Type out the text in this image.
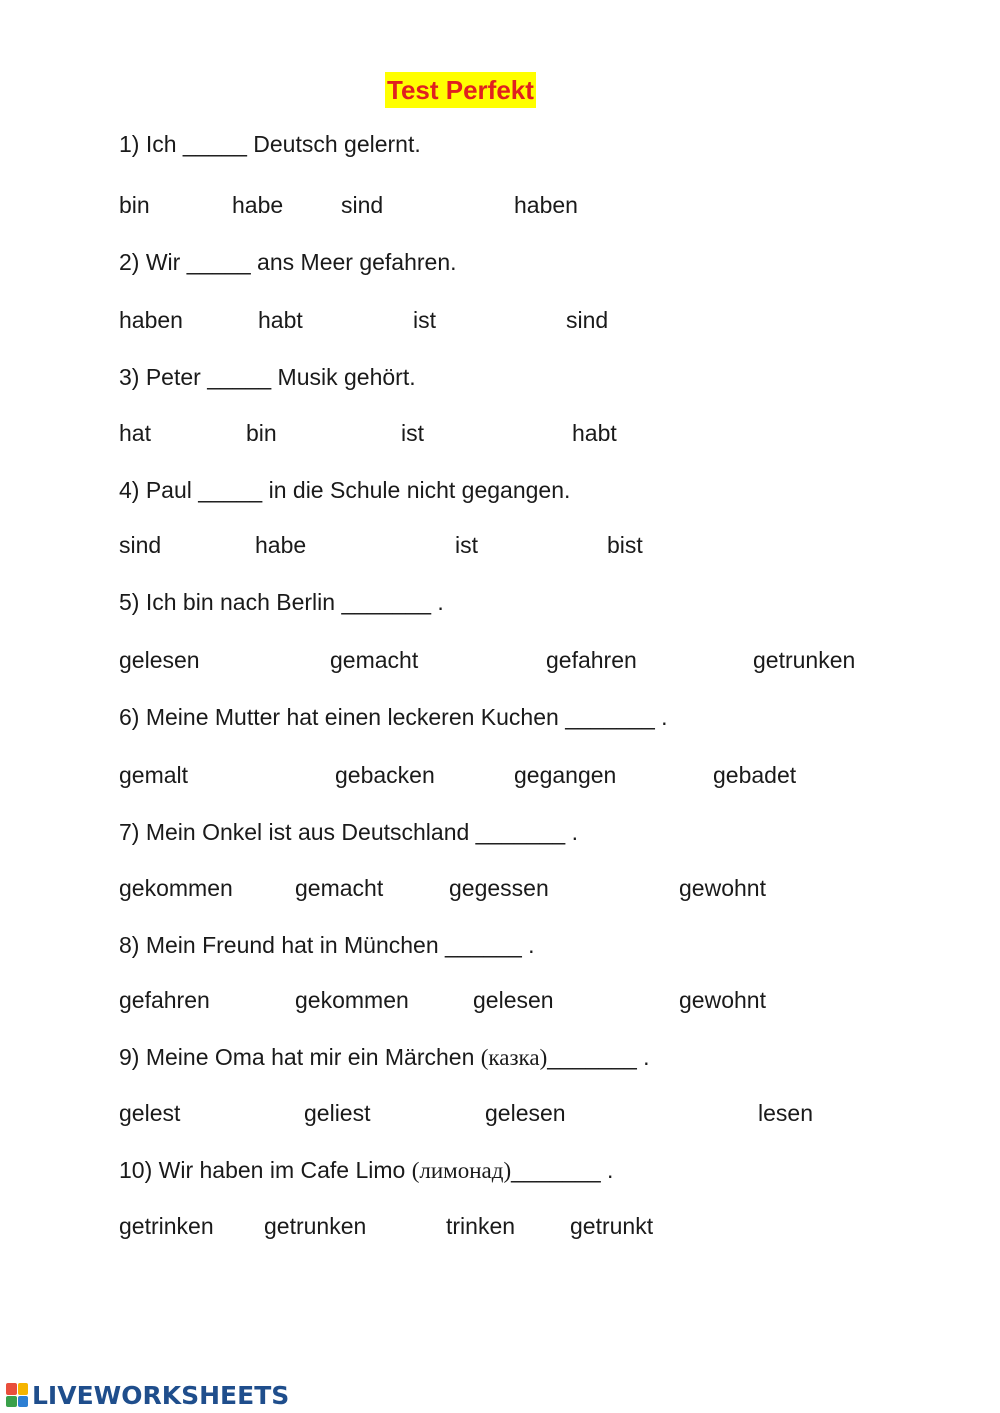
Test Perfekt
1) Ich _____ Deutsch gelernt.
bin	habe	sind	haben
2) Wir _____ ans Meer gefahren.
haben	habt	ist	sind
3) Peter _____ Musik gehört.
hat	bin	ist	habt
4) Paul _____ in die Schule nicht gegangen.
sind	habe	ist	bist
5) Ich bin nach Berlin _______ .
gelesen	gemacht	gefahren	getrunken
6) Meine Mutter hat einen leckeren Kuchen _______ .
gemalt	gebacken	gegangen	gebadet
7) Mein Onkel ist aus Deutschland _______ .
gekommen	gemacht	gegessen	gewohnt
8) Mein Freund hat in München ______ .
gefahren	gekommen	gelesen	gewohnt
9) Meine Oma hat mir ein Märchen (казка)_______ .
gelest	geliest	gelesen	lesen
10) Wir haben im Cafe Limo (лимонад)_______ .
getrinken getrunken	trinken getrunkt
LIVEWORKSHEETS
